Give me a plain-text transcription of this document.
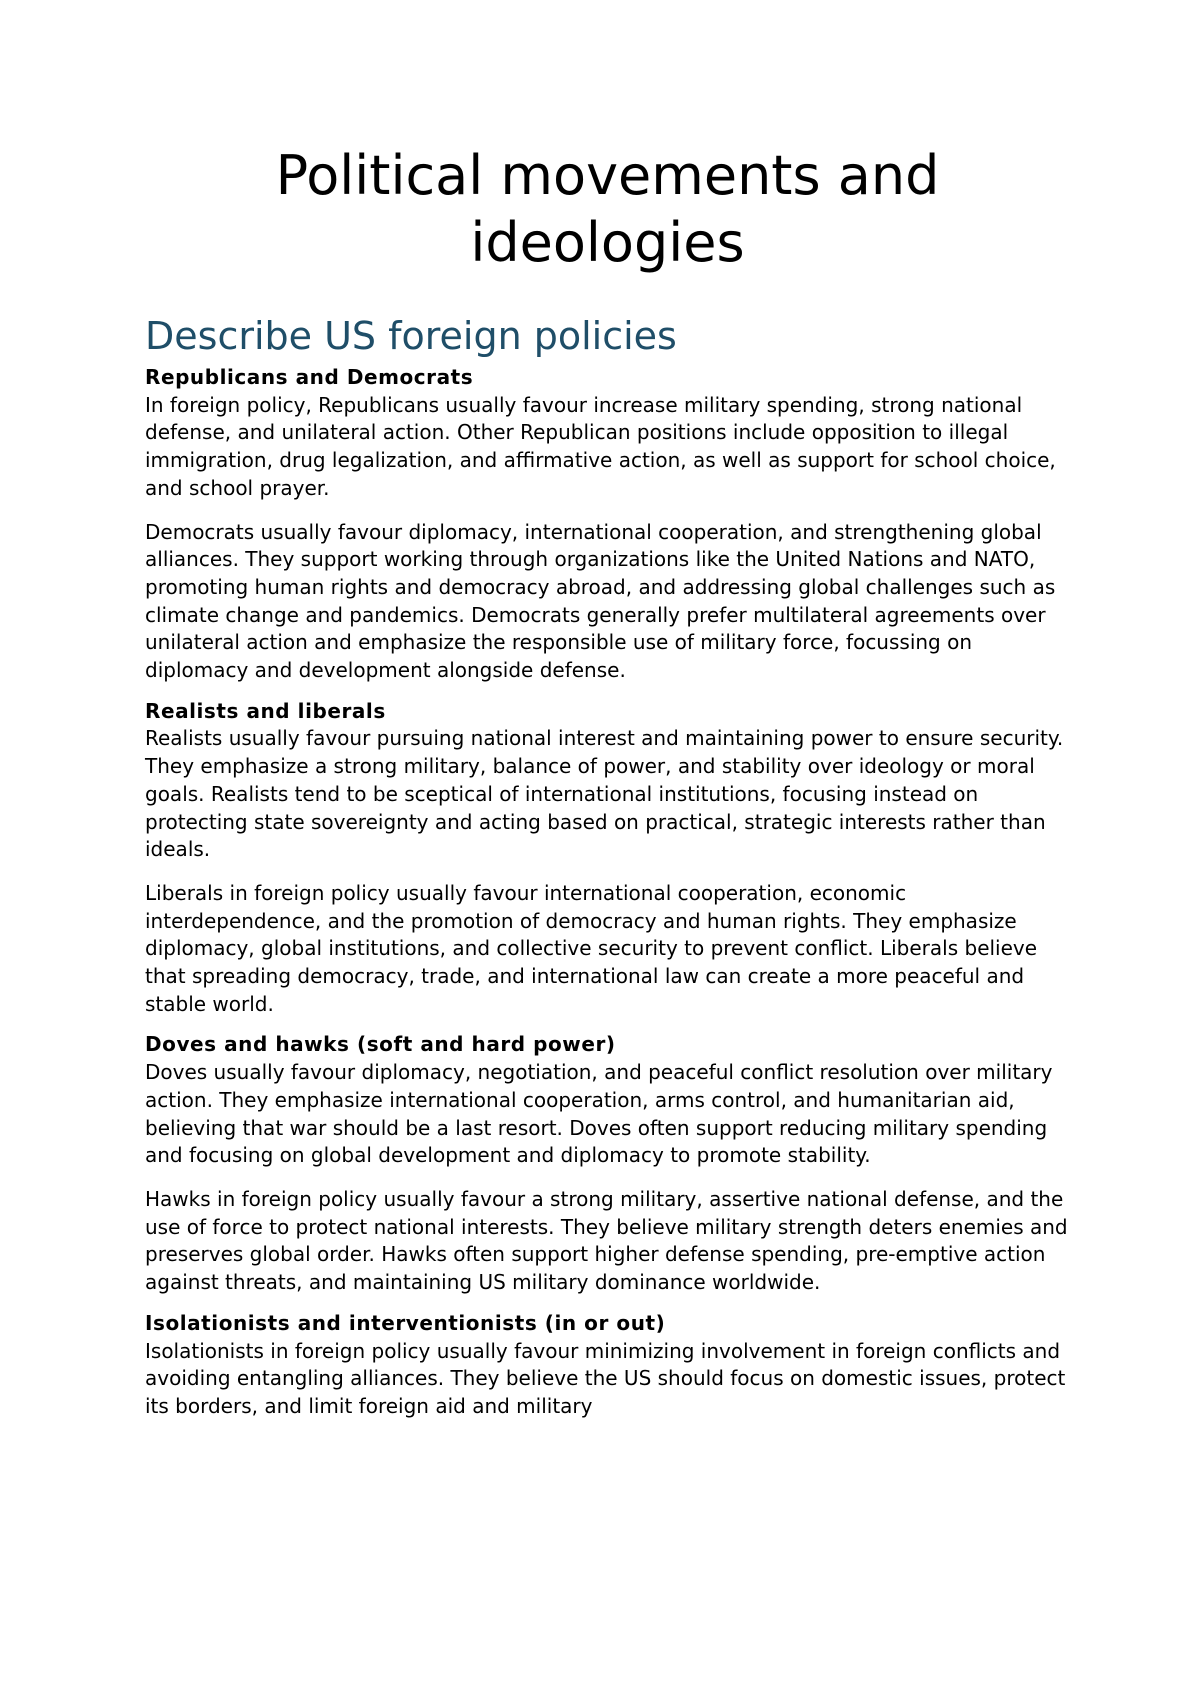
Political movements and ideologies
Describe US foreign policies
Republicans and Democrats

In foreign policy, Republicans usually favour increase military spending, strong national defense, and unilateral action. Other Republican positions include opposition to illegal immigration, drug legalization, and affirmative action, as well as support for school choice, and school prayer.

Democrats usually favour diplomacy, international cooperation, and strengthening global alliances. They support working through organizations like the United Nations and NATO, promoting human rights and democracy abroad, and addressing global challenges such as climate change and pandemics. Democrats generally prefer multilateral agreements over unilateral action and emphasize the responsible use of military force, focussing on diplomacy and development alongside defense.

Realists and liberals

Realists usually favour pursuing national interest and maintaining power to ensure security. They emphasize a strong military, balance of power, and stability over ideology or moral goals. Realists tend to be sceptical of international institutions, focusing instead on protecting state sovereignty and acting based on practical, strategic interests rather than ideals.

Liberals in foreign policy usually favour international cooperation, economic interdependence, and the promotion of democracy and human rights. They emphasize diplomacy, global institutions, and collective security to prevent conflict. Liberals believe that spreading democracy, trade, and international law can create a more peaceful and stable world.

Doves and hawks (soft and hard power)

Doves usually favour diplomacy, negotiation, and peaceful conflict resolution over military action. They emphasize international cooperation, arms control, and humanitarian aid, believing that war should be a last resort. Doves often support reducing military spending and focusing on global development and diplomacy to promote stability.

Hawks in foreign policy usually favour a strong military, assertive national defense, and the use of force to protect national interests. They believe military strength deters enemies and preserves global order. Hawks often support higher defense spending, pre-emptive action against threats, and maintaining US military dominance worldwide.

Isolationists and interventionists (in or out)

Isolationists in foreign policy usually favour minimizing involvement in foreign conflicts and avoiding entangling alliances. They believe the US should focus on domestic issues, protect its borders, and limit foreign aid and military
